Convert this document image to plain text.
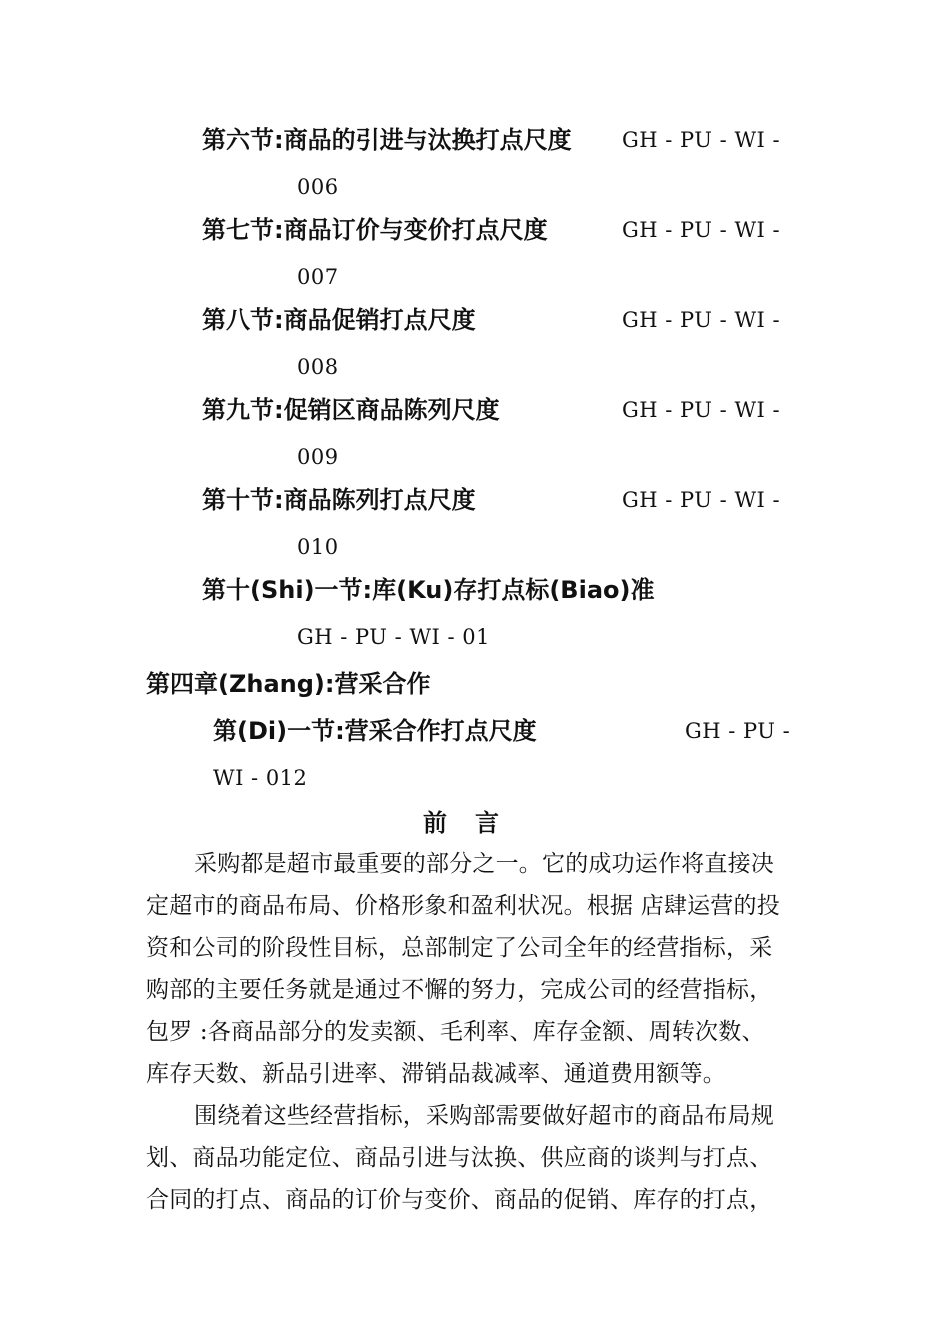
第六节:商品的引进与汰换打点尺度 GH - PU - WI -
006
第七节:商品订价与变价打点尺度	GH - PU - WI -
007
第八节:商品促销打点尺度	GH - PU - WI -
008
第九节:促销区商品陈列尺度	GH - PU - WI -
009
第十节:商品陈列打点尺度	GH - PU - WI -
010
第十(Shi)一节:库(Ku)存打点标(Biao)准
GH - PU - WI - 01
第四章(Zhang):营采合作
第(Di)一节:营采合作打点尺度	GH - PU -
WI - 012
前言
采购都是超市最重要的部分之一。它的成功运作将直接决
定超市的商品布局、价格形象和盈利状况。根据 店肆运营的投
资和公司的阶段性目标，总部制定了公司全年的经营指标，采
购部的主要任务就是通过不懈的努力，完成公司的经营指标，
包罗 :各商品部分的发卖额、毛利率、库存金额、周转次数、
库存天数、新品引进率、滞销品裁减率、通道费用额等。
围绕着这些经营指标，采购部需要做好超市的商品布局规
划、商品功能定位、商品引进与汰换、供应商的谈判与打点、
合同的打点、商品的订价与变价、商品的促销、库存的打点，
